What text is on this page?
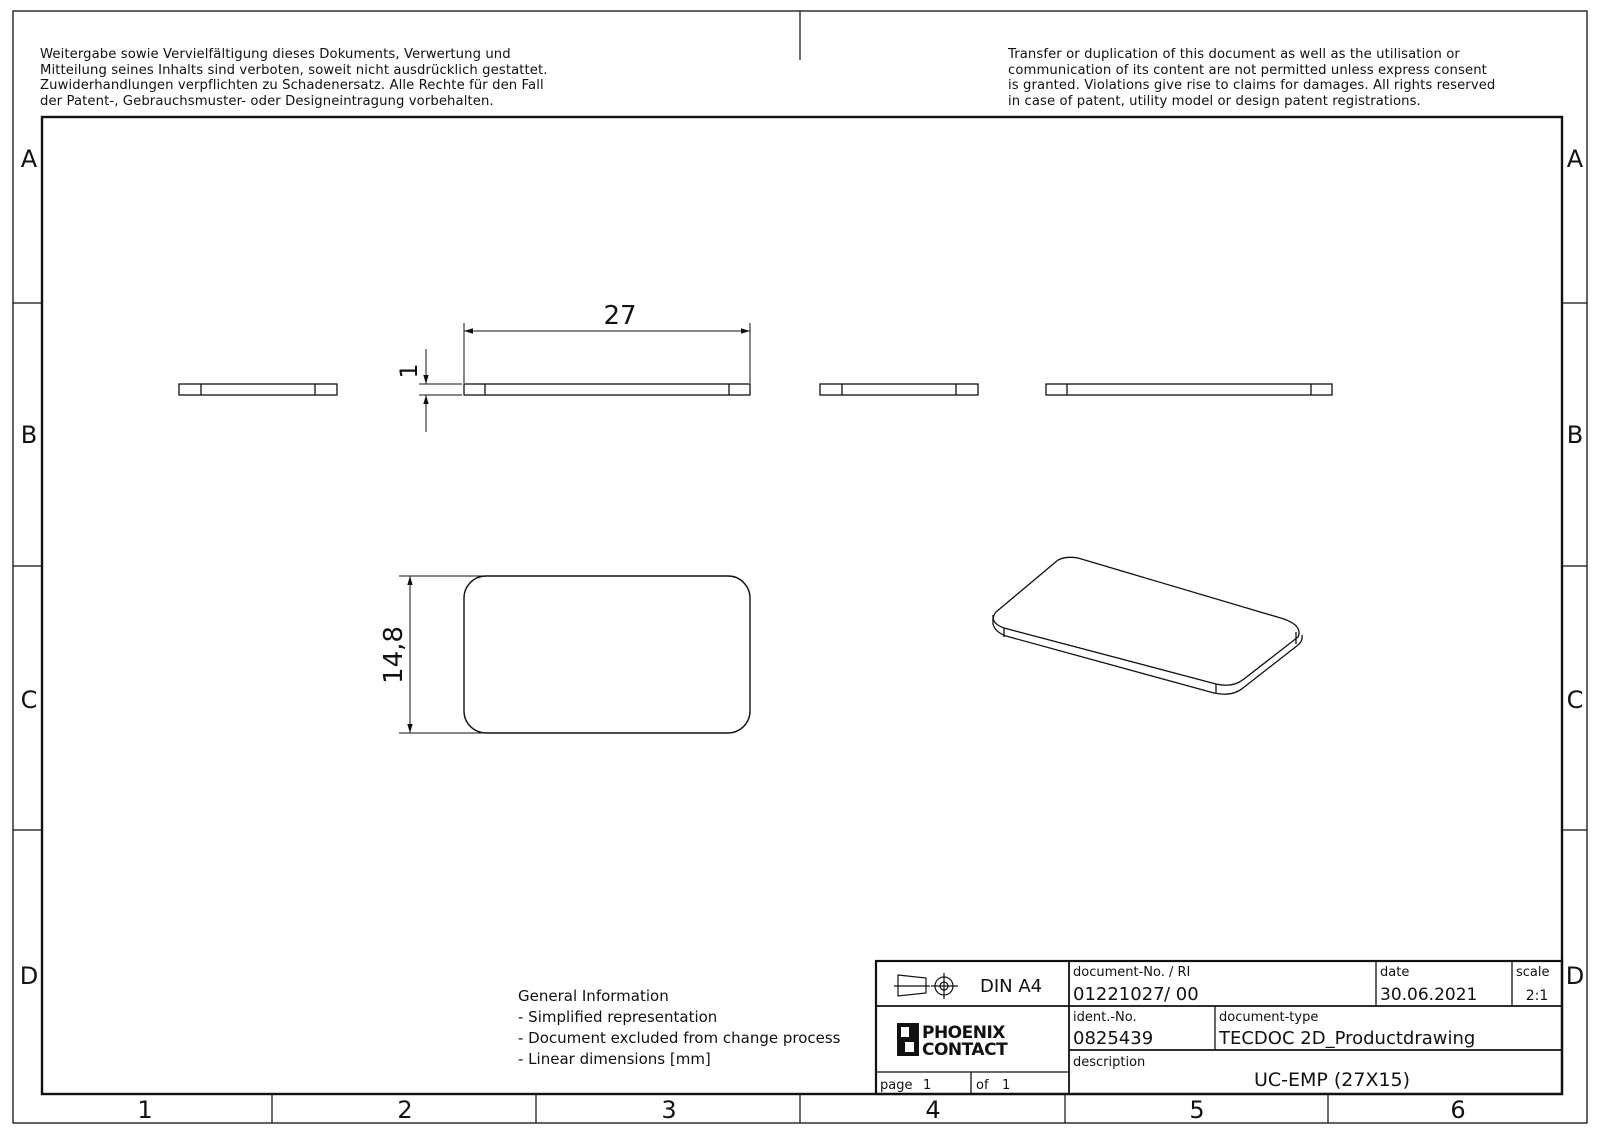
Weitergabe sowie Vervielfältigung dieses Dokuments, Verwertung und
Mitteilung seines Inhalts sind verboten, soweit nicht ausdrücklich gestattet.
Zuwiderhandlungen verpflichten zu Schadenersatz. Alle Rechte für den Fall
der Patent-, Gebrauchsmuster- oder Designeintragung vorbehalten.
Transfer or duplication of this document as well as the utilisation or
communication of its content are not permitted unless express consent
is granted. Violations give rise to claims for damages. All rights reserved
in case of patent, utility model or design patent registrations.
A	A
B	B
C	C
D	D
1	2	3	4	5	6
27
1
14,8
General Information
- Simplified representation
- Document excluded from change process
- Linear dimensions [mm]
DIN A4
PHOENIX
CONTACT
page 1	of 1
document-No. / RI
01221027 / 00
date
30.06.2021
scale
2:1
ident.-No.
0825439
document-type
TECDOC 2D_Productdrawing
description
UC-EMP (27X15)
